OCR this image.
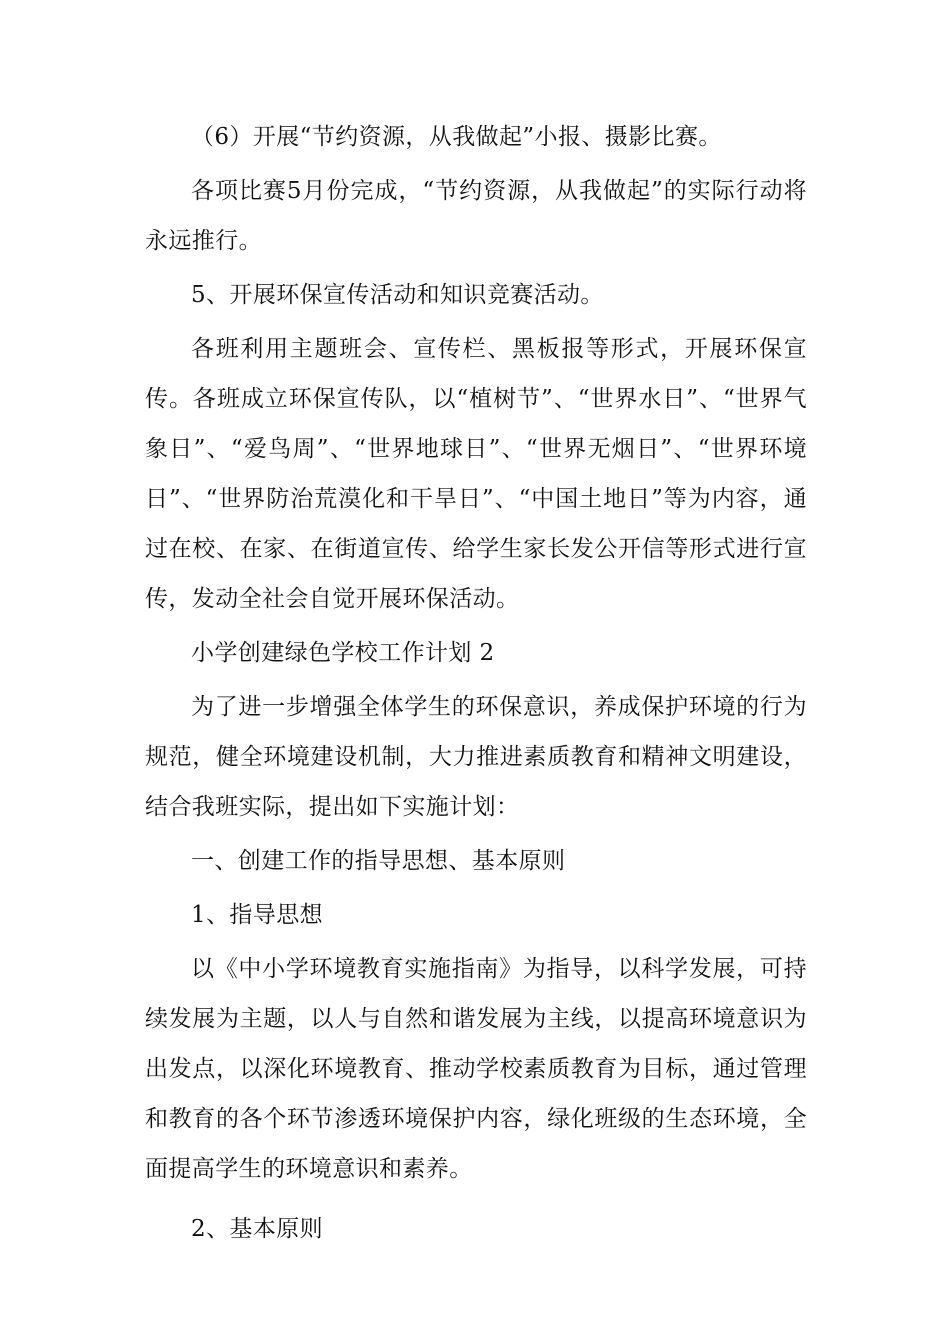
（6）开展“节约资源，从我做起”小报、摄影比赛。

各项比赛5月份完成，“节约资源，从我做起”的实际行动将永远推行。

5、开展环保宣传活动和知识竞赛活动。

各班利用主题班会、宣传栏、黑板报等形式，开展环保宣传。各班成立环保宣传队，以“植树节”、“世界水日”、“世界气象日”、“爱鸟周”、“世界地球日”、“世界无烟日”、“世界环境日”、“世界防治荒漠化和干旱日”、“中国土地日”等为内容，通过在校、在家、在街道宣传、给学生家长发公开信等形式进行宣传，发动全社会自觉开展环保活动。

小学创建绿色学校工作计划 2

为了进一步增强全体学生的环保意识，养成保护环境的行为规范，健全环境建设机制，大力推进素质教育和精神文明建设，结合我班实际，提出如下实施计划：

一、创建工作的指导思想、基本原则

1、指导思想

以《中小学环境教育实施指南》为指导，以科学发展，可持续发展为主题，以人与自然和谐发展为主线，以提高环境意识为出发点，以深化环境教育、推动学校素质教育为目标，通过管理和教育的各个环节渗透环境保护内容，绿化班级的生态环境，全面提高学生的环境意识和素养。

2、基本原则
